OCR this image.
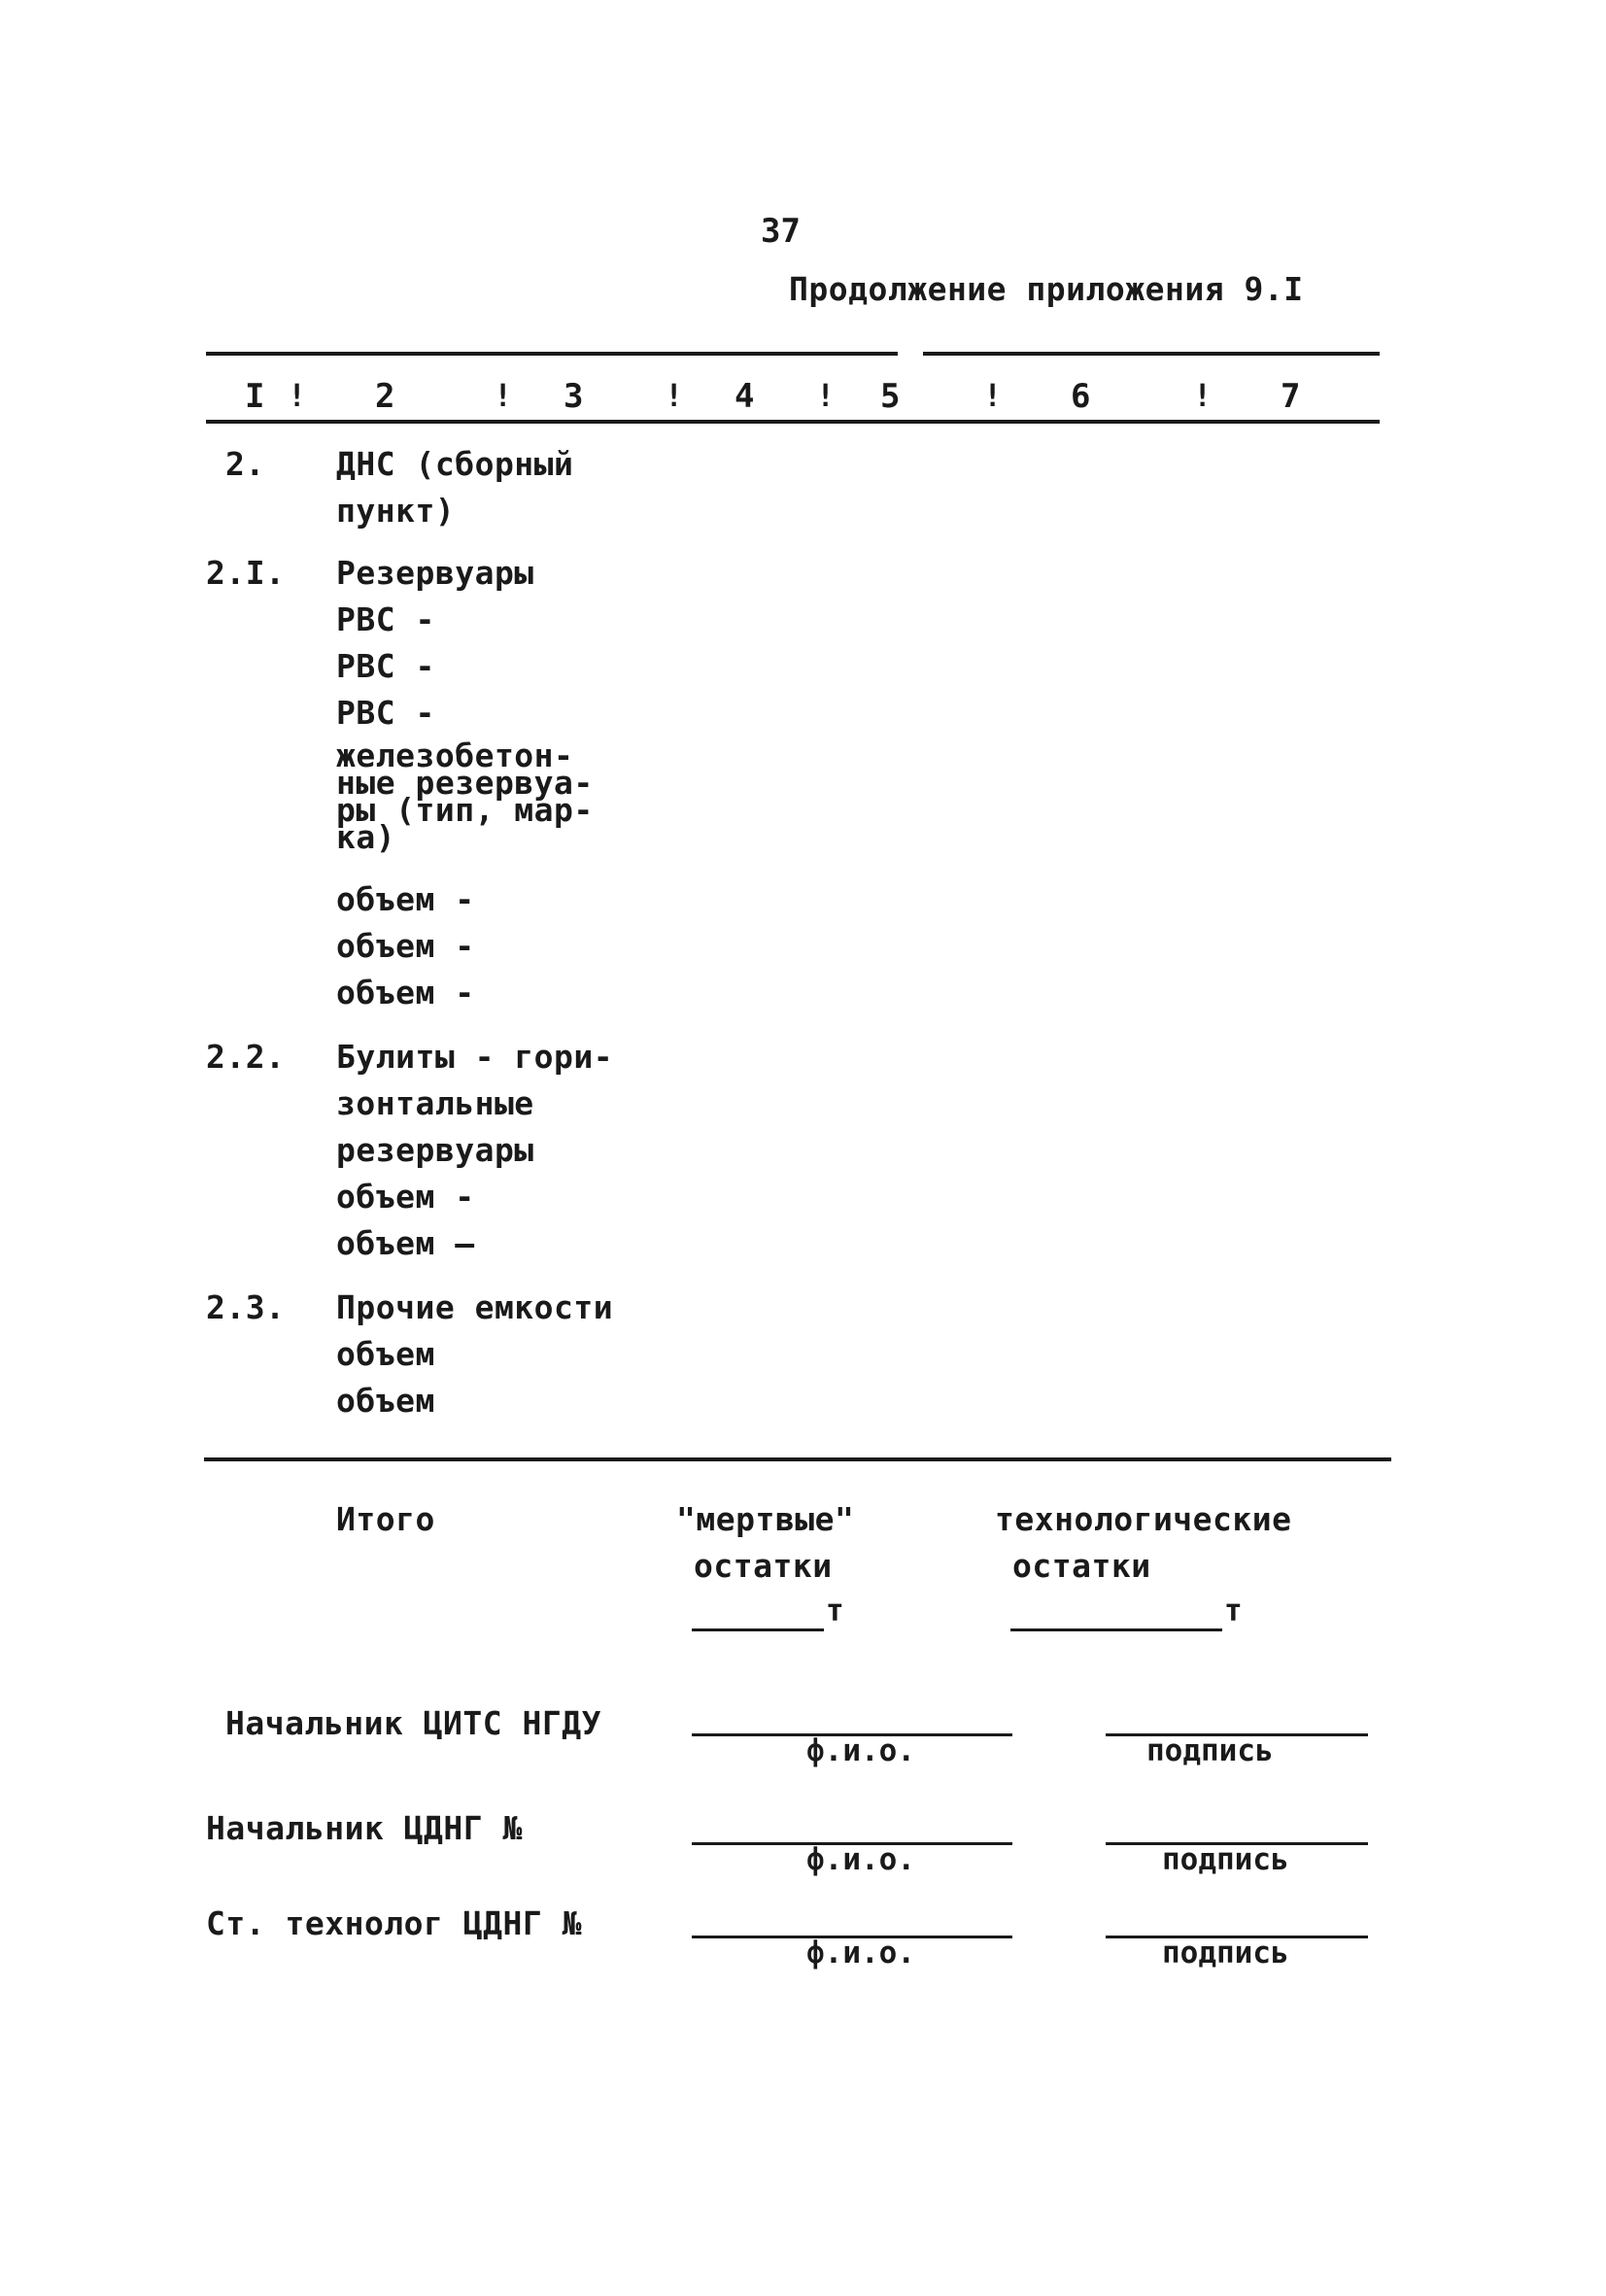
37
Продолжение приложения 9.I
I ! 2	! 3	! 4 ! 5	! 6	! 7
2. ДНС (сборный
пункт)
2.I. Резервуары
РВС -
РВС -
РВС -
железобетон-
ные резервуа-
ры (тип, мар-
ка)
объем -
объем -
объем -
2.2. Булиты - гори-
зонтальные
резервуары
объем -
объем —
2.3. Прочие емкости
объем
объем
Итого	"мертвые"
остатки
т
технологические
остатки
т
Начальник ЦИТС НГДУ
ф.и.о.	подпись
Начальник ЦДНГ №
ф.и.о.	подпись
Ст. технолог ЦДНГ №
ф.и.о.	подпись
